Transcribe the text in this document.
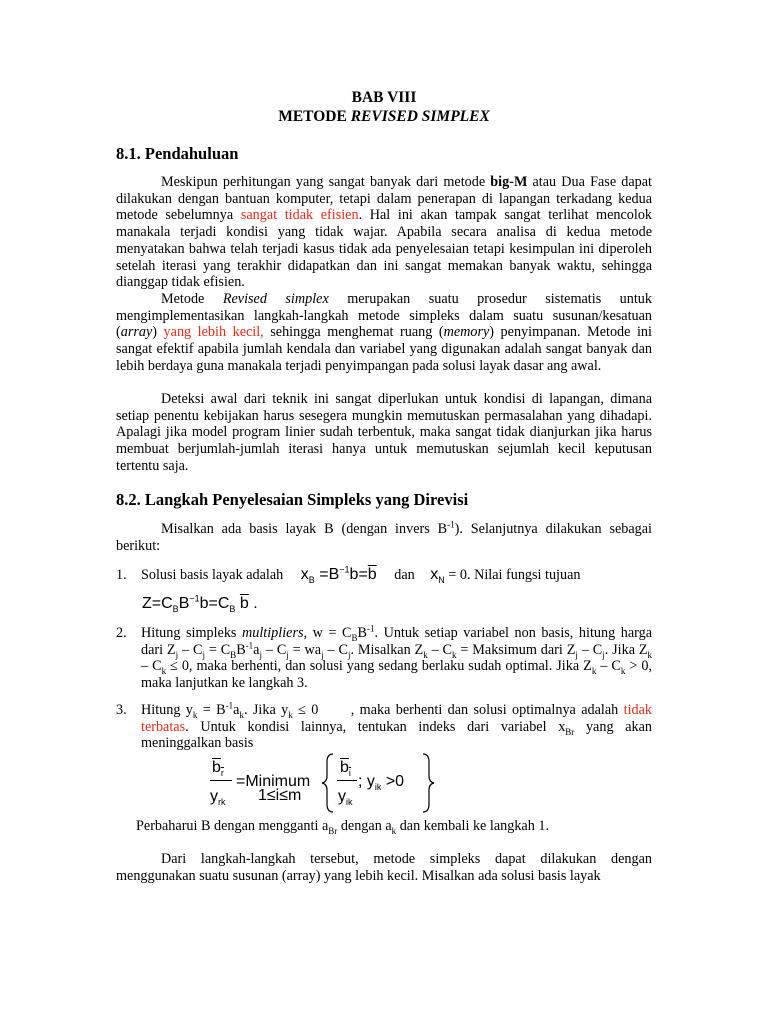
BAB VIII
METODE REVISED SIMPLEX
8.1. Pendahuluan
Meskipun perhitungan yang sangat banyak dari metode big-M atau Dua Fase dapat dilakukan dengan bantuan komputer, tetapi dalam penerapan di lapangan terkadang kedua metode sebelumnya sangat tidak efisien. Hal ini akan tampak sangat terlihat mencolok manakala terjadi kondisi yang tidak wajar. Apabila secara analisa di kedua metode menyatakan bahwa telah terjadi kasus tidak ada penyelesaian tetapi kesimpulan ini diperoleh setelah iterasi yang terakhir didapatkan dan ini sangat memakan banyak waktu, sehingga dianggap tidak efisien.
Metode Revised simplex merupakan suatu prosedur sistematis untuk mengimplementasikan langkah-langkah metode simpleks dalam suatu susunan/kesatuan (array) yang lebih kecil, sehingga menghemat ruang (memory) penyimpanan. Metode ini sangat efektif apabila jumlah kendala dan variabel yang digunakan adalah sangat banyak dan lebih berdaya guna manakala terjadi penyimpangan pada solusi layak dasar ang awal.
Deteksi awal dari teknik ini sangat diperlukan untuk kondisi di lapangan, dimana setiap penentu kebijakan harus sesegera mungkin memutuskan permasalahan yang dihadapi. Apalagi jika model program linier sudah terbentuk, maka sangat tidak dianjurkan jika harus membuat berjumlah-jumlah iterasi hanya untuk memutuskan sejumlah kecil keputusan tertentu saja.
8.2. Langkah Penyelesaian Simpleks yang Direvisi
Misalkan ada basis layak B (dengan invers $B^{-1}$). Selanjutnya dilakukan sebagai berikut:
1. Solusi basis layak adalah $x_B =B^{-1}b=\overline{b}$ dan $x_N = 0$. Nilai fungsi tujuan
$Z=C_BB^{-1}b=C_B$ $\overline{b}$ .
2. Hitung simpleks multipliers, $w = C_BB^{-1}$. Untuk setiap variabel non basis, hitung harga dari $Z_j - C_j = C_BB^{-1}a_j - C_j = wa_j - C_j$. Misalkan $Z_k - C_k$ = Maksimum dari $Z_j - C_j$. Jika $Z_k - C_k \le 0$, maka berhenti, dan solusi yang sedang berlaku sudah optimal. Jika $Z_k - C_k > 0$, maka lanjutkan ke langkah 3.
3. Hitung $y_k = B^{-1}a_k$. Jika $y_k \le 0$ , maka berhenti dan solusi optimalnya adalah tidak terbatas. Untuk kondisi lainnya, tentukan indeks dari variabel $x_{Br}$ yang akan meninggalkan basis
$b_r$
$y_{rk}$
=Minimum
1≤i≤m
$b_i$
$y_{ik}$
; $y_{ik} >0$
Perbaharui B dengan mengganti $a_{Br}$ dengan $a_k$ dan kembali ke langkah 1.
Dari langkah-langkah tersebut, metode simpleks dapat dilakukan dengan menggunakan suatu susunan (array) yang lebih kecil. Misalkan ada solusi basis layak
